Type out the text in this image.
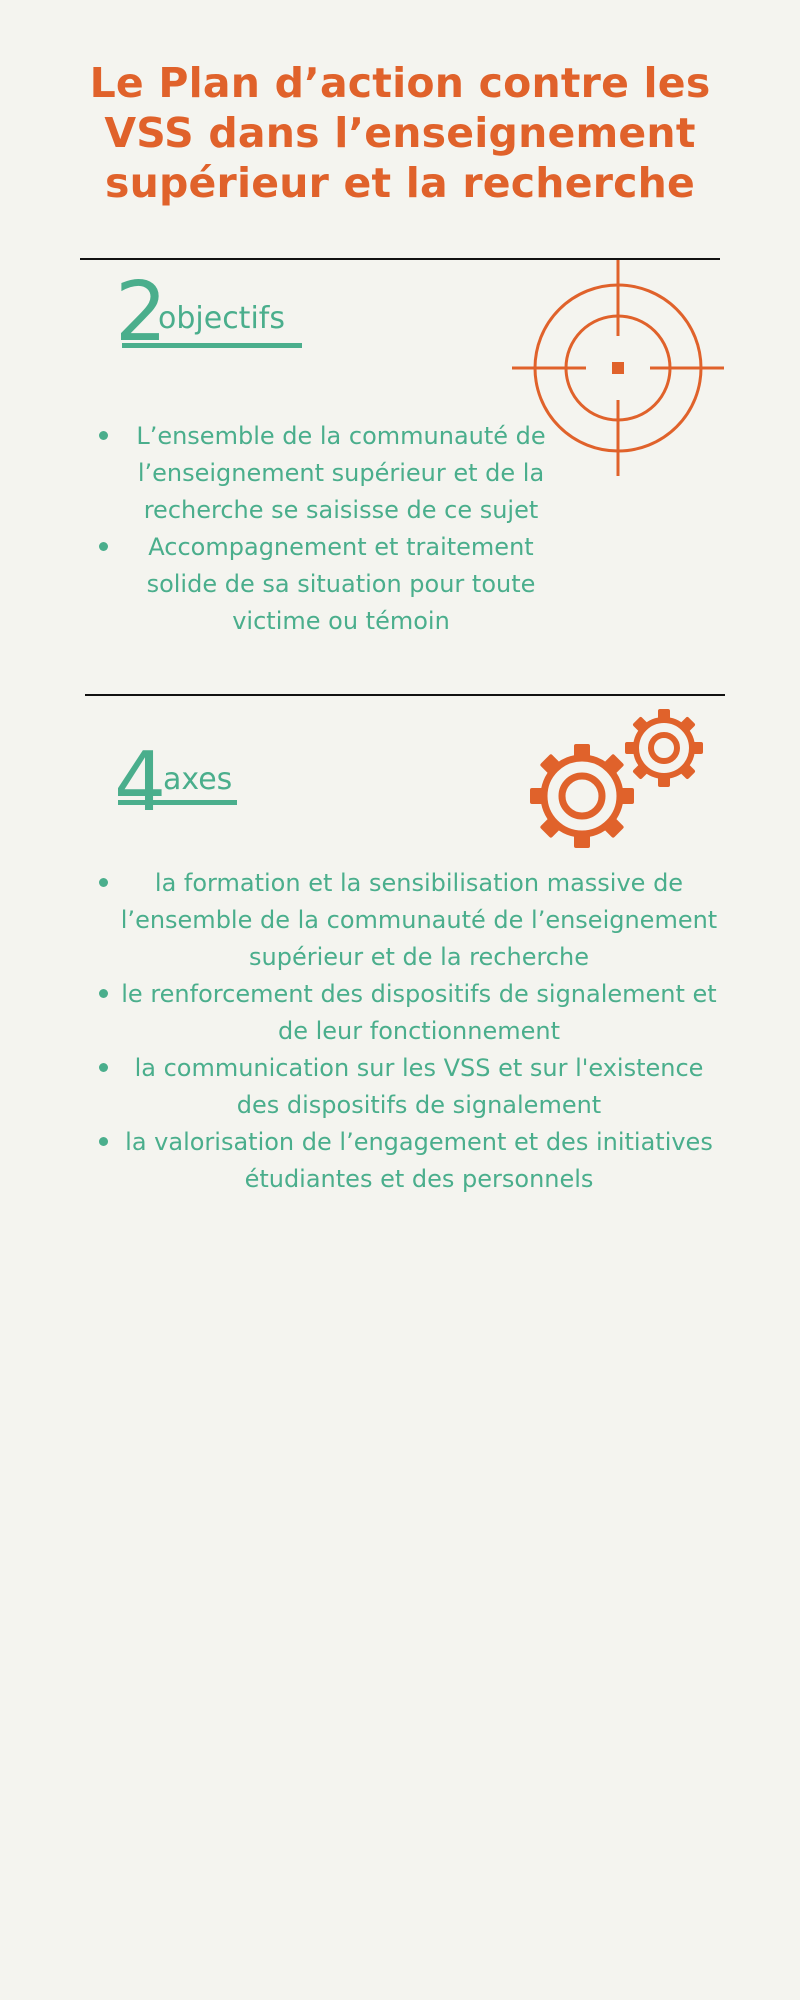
Le Plan d’action contre les
VSS dans l’enseignement
supérieur et la recherche
2
objectifs
L’ensemble de la communauté de l’enseignement supérieur et de la recherche se saisisse de ce sujet
Accompagnement et traitement solide de sa situation pour toute victime ou témoin
4
axes
la formation et la sensibilisation massive de l’ensemble de la communauté de l’enseignement supérieur et de la recherche
le renforcement des dispositifs de signalement et de leur fonctionnement
la communication sur les VSS et sur l'existence des dispositifs de signalement
la valorisation de l’engagement et des initiatives étudiantes et des personnels
